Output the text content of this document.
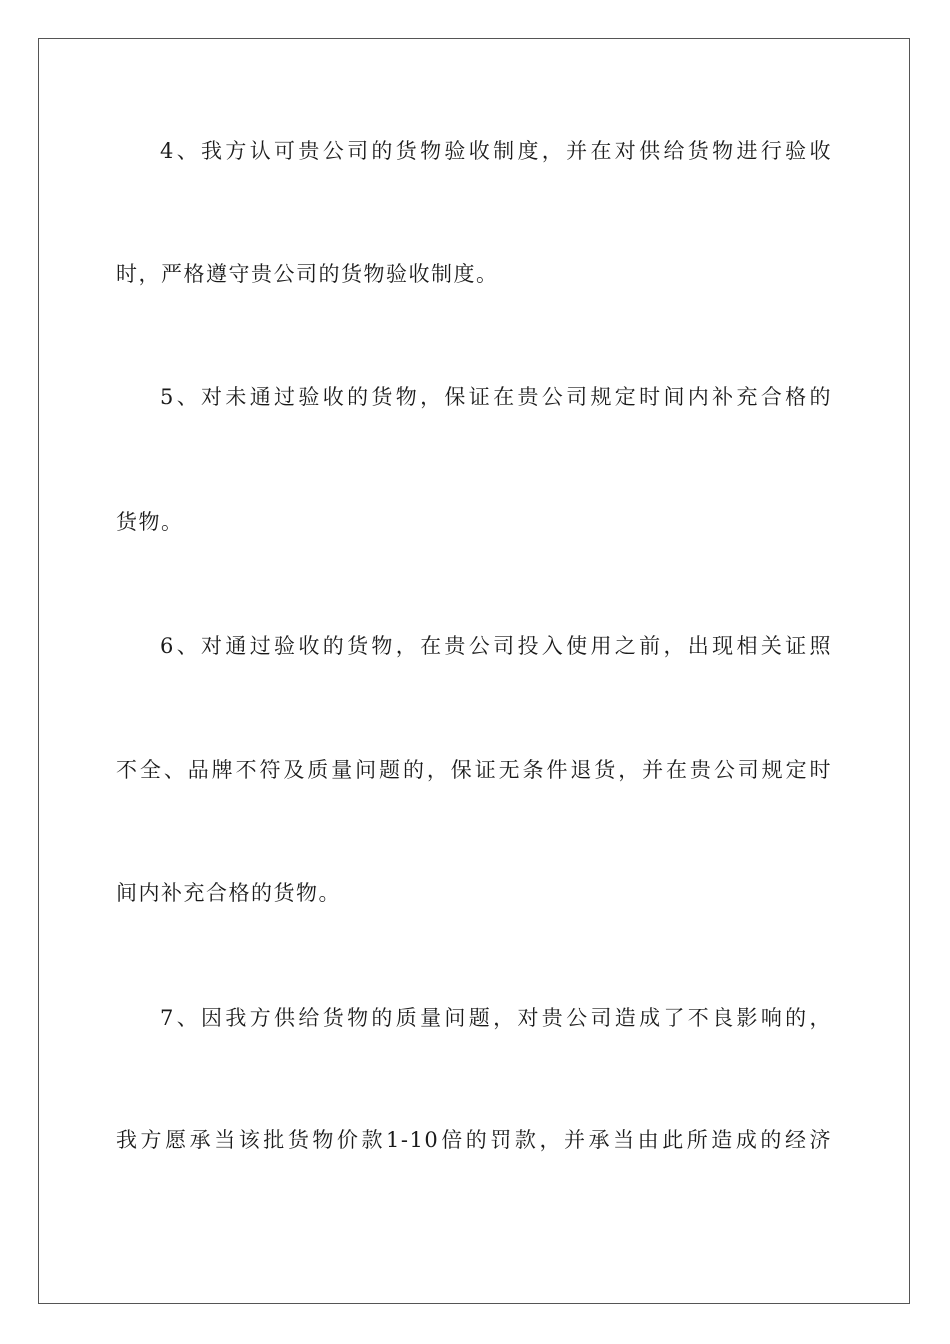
4、我方认可贵公司的货物验收制度，并在对供给货物进行验收
时，严格遵守贵公司的货物验收制度。
5、对未通过验收的货物，保证在贵公司规定时间内补充合格的
货物。
6、对通过验收的货物，在贵公司投入使用之前，出现相关证照
不全、品牌不符及质量问题的，保证无条件退货，并在贵公司规定时
间内补充合格的货物。
7、因我方供给货物的质量问题，对贵公司造成了不良影响的，
我方愿承当该批货物价款1-10倍的罚款，并承当由此所造成的经济
